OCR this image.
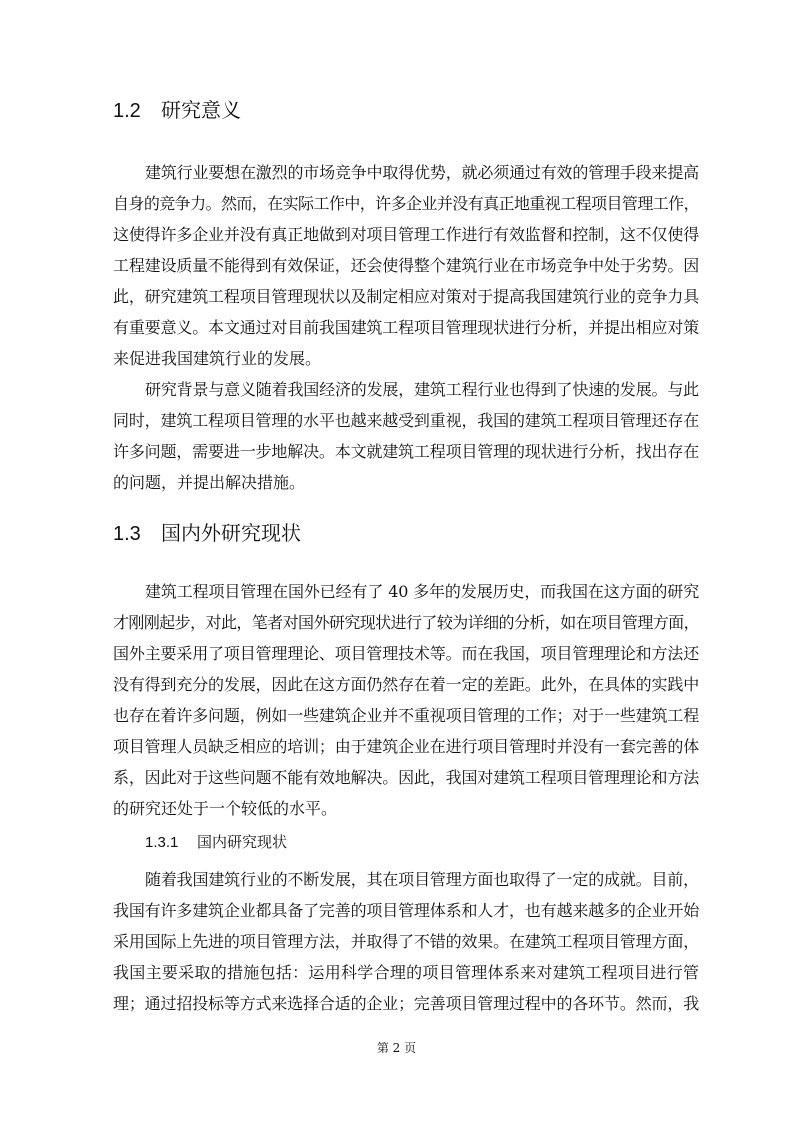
1.2 研究意义
建筑行业要想在激烈的市场竞争中取得优势，就必须通过有效的管理手段来提高
自身的竞争力。然而，在实际工作中，许多企业并没有真正地重视工程项目管理工作，
这使得许多企业并没有真正地做到对项目管理工作进行有效监督和控制，这不仅使得
工程建设质量不能得到有效保证，还会使得整个建筑行业在市场竞争中处于劣势。因
此，研究建筑工程项目管理现状以及制定相应对策对于提高我国建筑行业的竞争力具
有重要意义。本文通过对目前我国建筑工程项目管理现状进行分析，并提出相应对策
来促进我国建筑行业的发展。
研究背景与意义随着我国经济的发展，建筑工程行业也得到了快速的发展。与此
同时，建筑工程项目管理的水平也越来越受到重视，我国的建筑工程项目管理还存在
许多问题，需要进一步地解决。本文就建筑工程项目管理的现状进行分析，找出存在
的问题，并提出解决措施。
1.3 国内外研究现状
建筑工程项目管理在国外已经有了 40 多年的发展历史，而我国在这方面的研究
才刚刚起步，对此，笔者对国外研究现状进行了较为详细的分析，如在项目管理方面，
国外主要采用了项目管理理论、项目管理技术等。而在我国，项目管理理论和方法还
没有得到充分的发展，因此在这方面仍然存在着一定的差距。此外，在具体的实践中
也存在着许多问题，例如一些建筑企业并不重视项目管理的工作；对于一些建筑工程
项目管理人员缺乏相应的培训；由于建筑企业在进行项目管理时并没有一套完善的体
系，因此对于这些问题不能有效地解决。因此，我国对建筑工程项目管理理论和方法
的研究还处于一个较低的水平。
1.3.1 国内研究现状
随着我国建筑行业的不断发展，其在项目管理方面也取得了一定的成就。目前，
我国有许多建筑企业都具备了完善的项目管理体系和人才，也有越来越多的企业开始
采用国际上先进的项目管理方法，并取得了不错的效果。在建筑工程项目管理方面，
我国主要采取的措施包括：运用科学合理的项目管理体系来对建筑工程项目进行管
理；通过招投标等方式来选择合适的企业；完善项目管理过程中的各环节。然而，我
第 2 页
